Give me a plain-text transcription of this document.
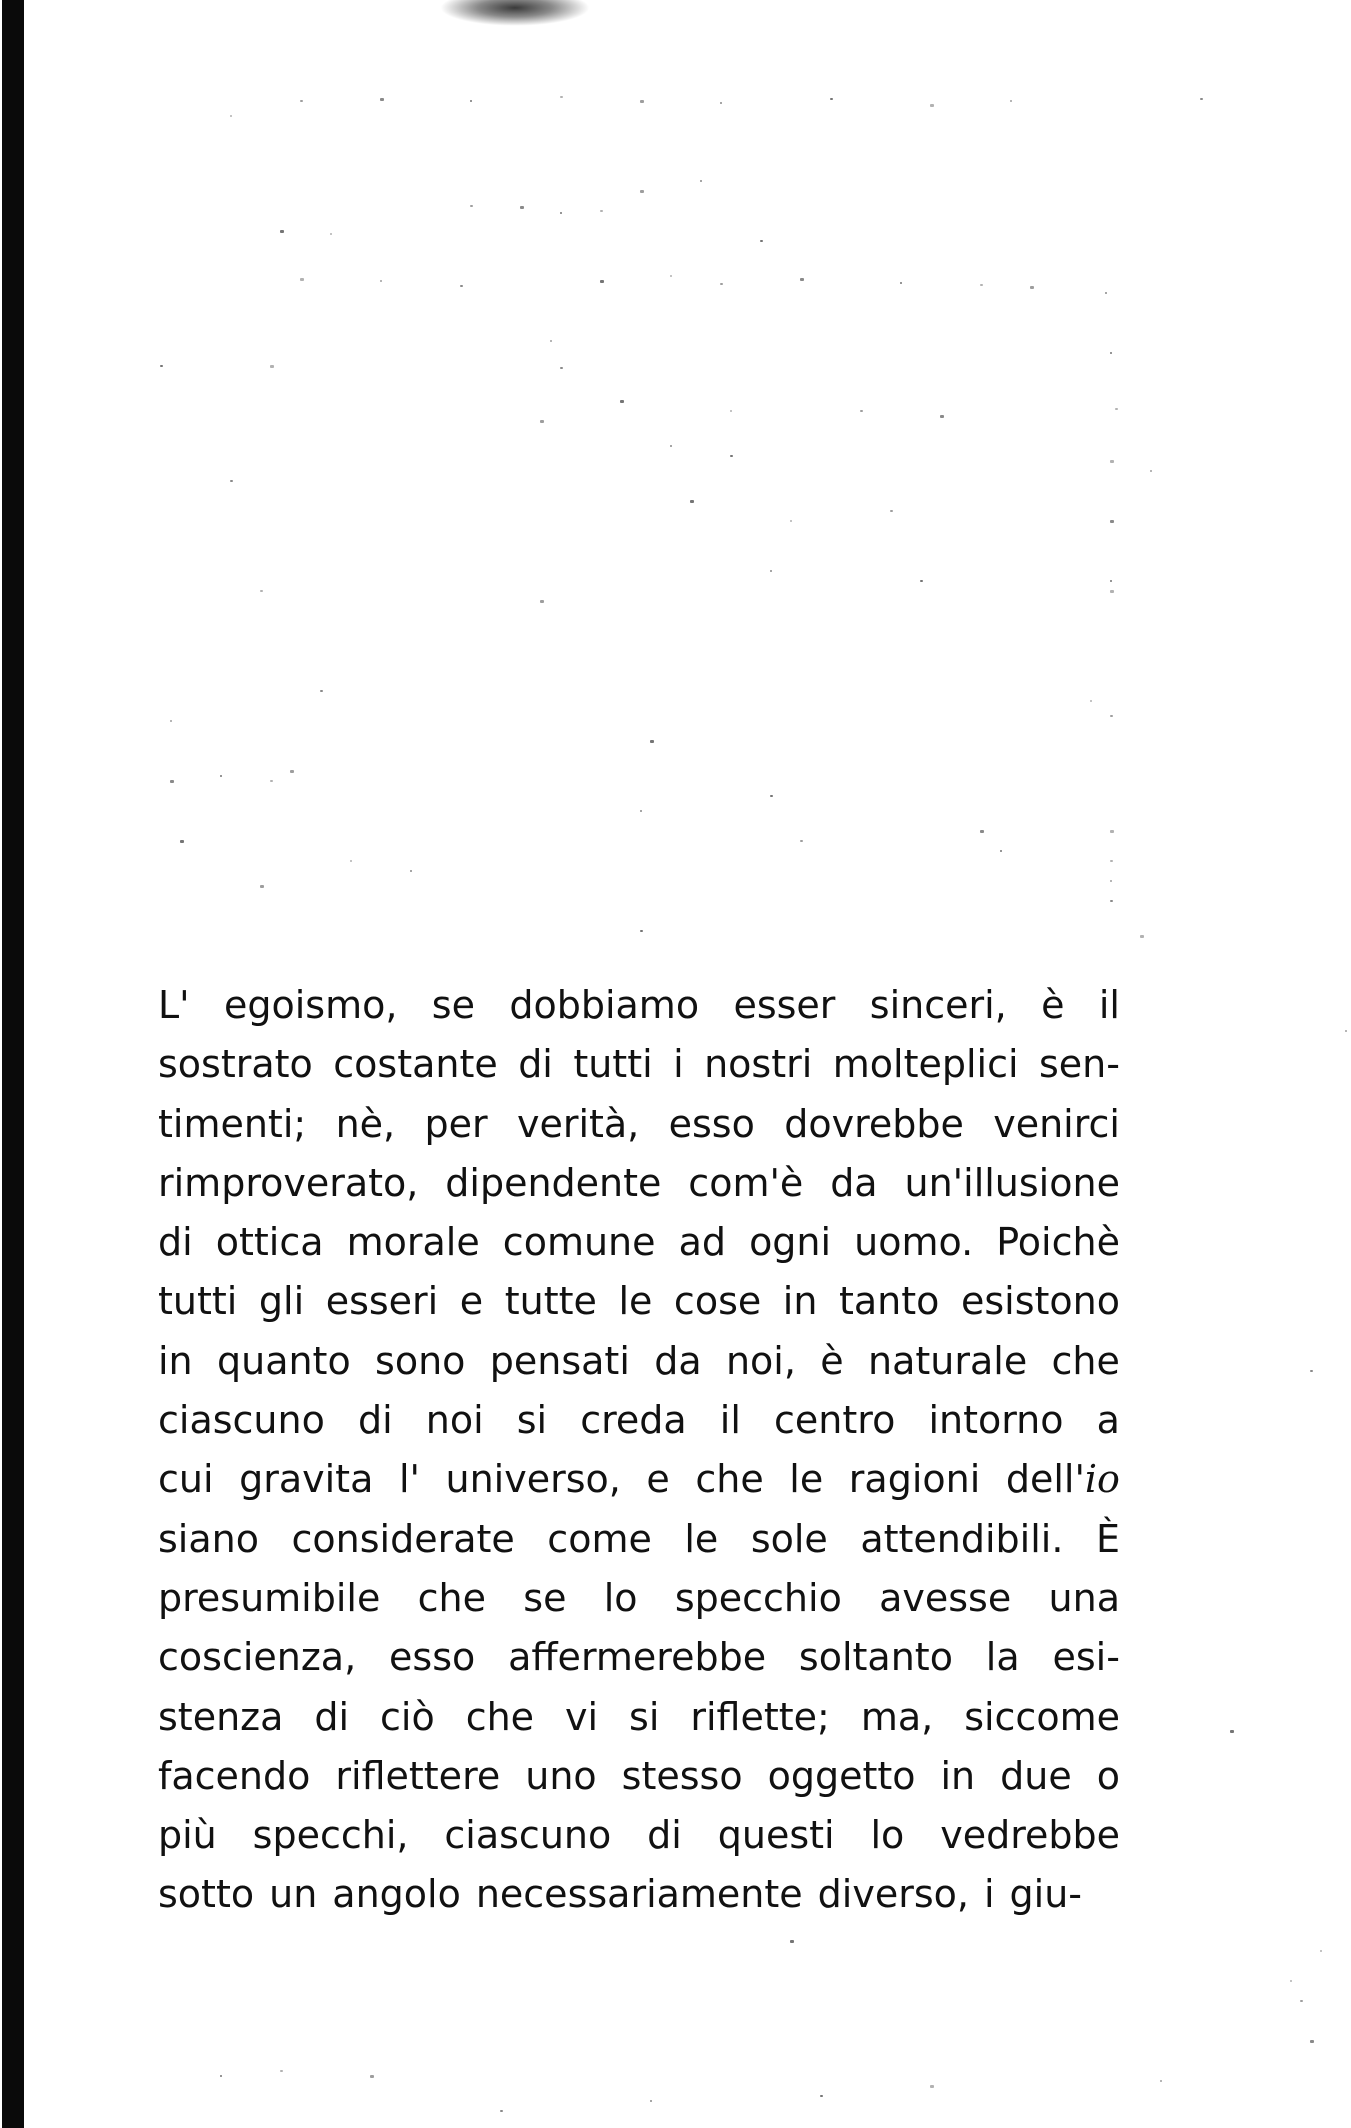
L' egoismo, se dobbiamo esser sinceri, è il
sostrato costante di tutti i nostri molteplici sen-
timenti; nè, per verità, esso dovrebbe venirci
rimproverato, dipendente com'è da un'illusione
di ottica morale comune ad ogni uomo. Poichè
tutti gli esseri e tutte le cose in tanto esistono
in quanto sono pensati da noi, è naturale che
ciascuno di noi si creda il centro intorno a
cui gravita l' universo, e che le ragioni dell'io
siano considerate come le sole attendibili. È
presumibile che se lo specchio avesse una
coscienza, esso affermerebbe soltanto la esi-
stenza di ciò che vi si riflette; ma, siccome
facendo riflettere uno stesso oggetto in due o
più specchi, ciascuno di questi lo vedrebbe
sotto un angolo necessariamente diverso, i giu-
